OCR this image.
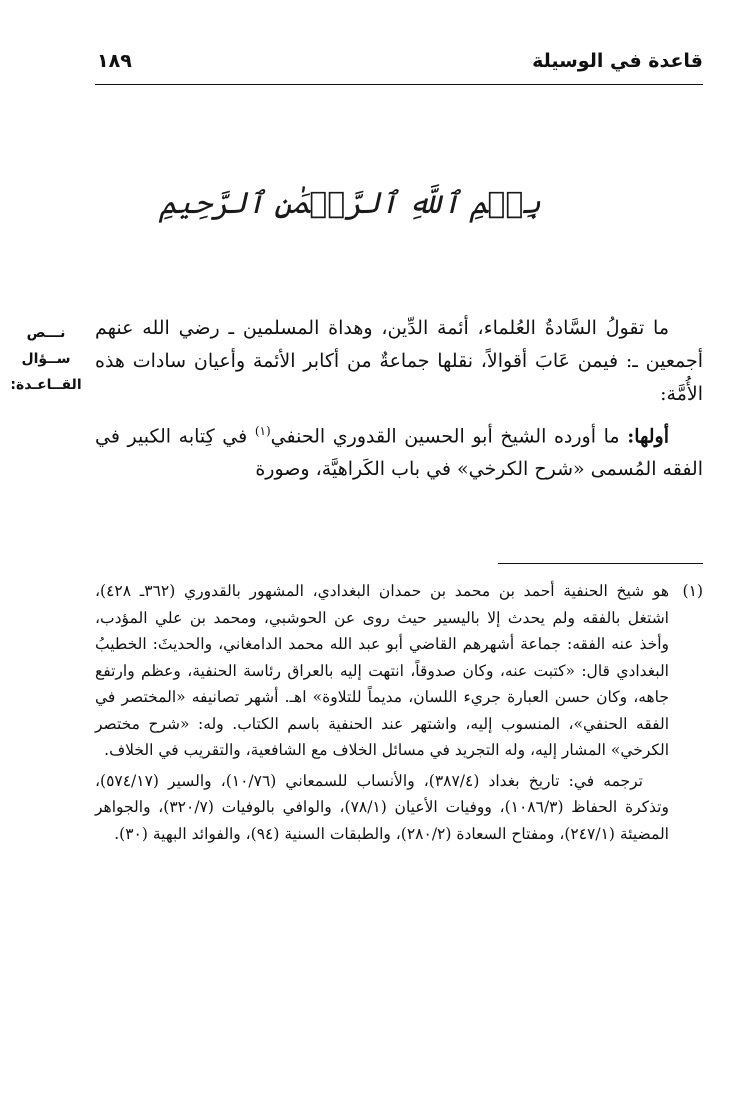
قاعدة في الوسيلة
١٨٩
بِسۡمِ ٱللَّهِ ٱلرَّحۡمَٰنِ ٱلرَّحِيمِ
نـــص
ســؤال
القــاعـدة:

ما تقولُ السَّادةُ العُلماء، أئمة الدِّين، وهداة المسلمين ـ رضي الله عنهم أجمعين ـ: فيمن عَابَ أقوالاً، نقلها جماعةٌ من أكابر الأئمة وأعيان سادات هذه الأُمَّة:

أولها: ما أورده الشيخ أبو الحسين القدوري الحنفي$^{(١)}$ في كِتابه الكبير في الفقه المُسمى «شرح الكرخي» في باب الكَراهيَّة، وصورة

(١)
هو شيخ الحنفية أحمد بن محمد بن حمدان البغدادي، المشهور بالقدوري (٣٦٢ـ ٤٢٨)، اشتغل بالفقه ولم يحدث إلا باليسير حيث روى عن الحوشبي، ومحمد بن علي المؤدب، وأخذ عنه الفقه: جماعة أشهرهم القاضي أبو عبد الله محمد الدامغاني، والحديثَ: الخطيبُ البغدادي قال: «كتبت عنه، وكان صدوقاً، انتهت إليه بالعراق رئاسة الحنفية، وعظم وارتفع جاهه، وكان حسن العبارة جريء اللسان، مديماً للتلاوة» اهـ. أشهر تصانيفه «المختصر في الفقه الحنفي»، المنسوب إليه، واشتهر عند الحنفية باسم الكتاب. وله: «شرح مختصر الكرخي» المشار إليه، وله التجريد في مسائل الخلاف مع الشافعية، والتقريب في الخلاف.

ترجمه في: تاريخ بغداد (٣٨٧/٤)، والأنساب للسمعاني (١٠/٧٦)، والسير (٥٧٤/١٧)، وتذكرة الحفاظ (١٠٨٦/٣)، ووفيات الأعيان (٧٨/١)، والوافي بالوفيات (٣٢٠/٧)، والجواهر المضيئة (٢٤٧/١)، ومفتاح السعادة (٢٨٠/٢)، والطبقات السنية (٩٤)، والفوائد البهية (٣٠).
